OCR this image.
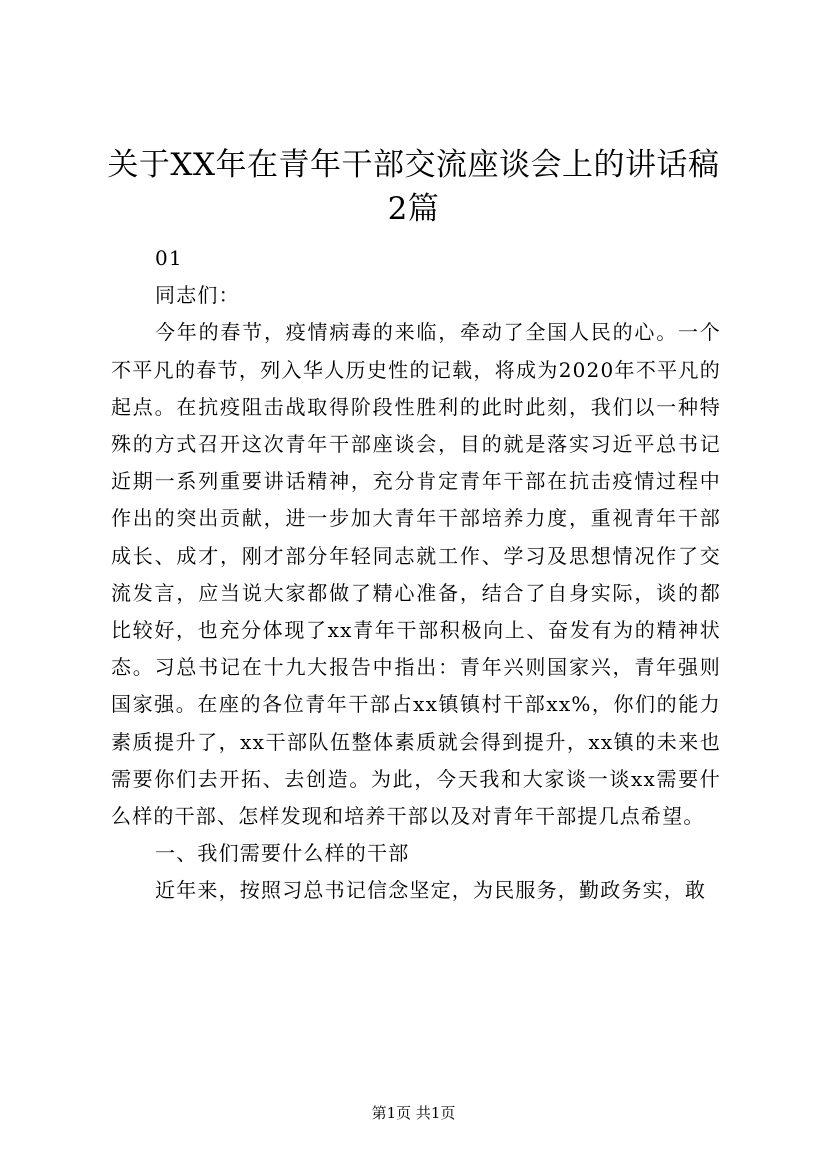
关于XX年在青年干部交流座谈会上的讲话稿
2篇

01

同志们：

今年的春节，疫情病毒的来临，牵动了全国人民的心。一个不平凡的春节，列入华人历史性的记载，将成为2020年不平凡的起点。在抗疫阻击战取得阶段性胜利的此时此刻，我们以一种特殊的方式召开这次青年干部座谈会，目的就是落实习近平总书记近期一系列重要讲话精神，充分肯定青年干部在抗击疫情过程中作出的突出贡献，进一步加大青年干部培养力度，重视青年干部成长、成才，刚才部分年轻同志就工作、学习及思想情况作了交流发言，应当说大家都做了精心准备，结合了自身实际，谈的都比较好，也充分体现了xx青年干部积极向上、奋发有为的精神状态。习总书记在十九大报告中指出：青年兴则国家兴，青年强则国家强。在座的各位青年干部占xx镇镇村干部xx%，你们的能力素质提升了，xx干部队伍整体素质就会得到提升，xx镇的未来也需要你们去开拓、去创造。为此，今天我和大家谈一谈xx需要什么样的干部、怎样发现和培养干部以及对青年干部提几点希望。

一、我们需要什么样的干部

近年来，按照习总书记信念坚定，为民服务，勤政务实，敢

第1页 共1页
